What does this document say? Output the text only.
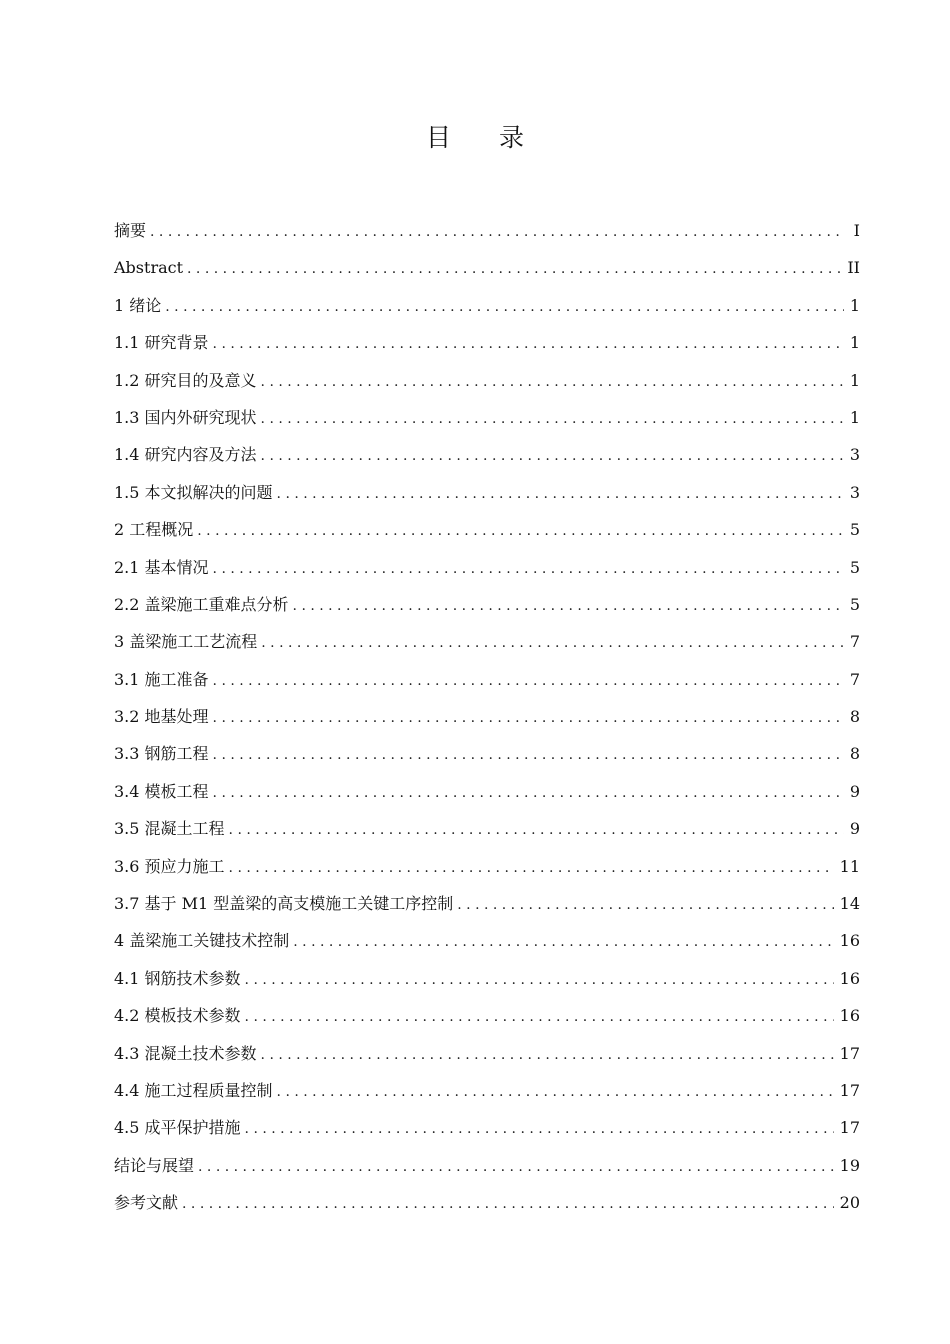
目 录
摘要 . . .	Ⅰ
Abstract . . .	ⅠⅠ
1 绪论 . . .	1
1.1 研究背景 . . .	1
1.2 研究目的及意义 . . .	1
1.3 国内外研究现状 . . .	1
1.4 研究内容及方法 . . .	3
1.5 本文拟解决的问题 . . .	3
2 工程概况 . . .	5
2.1 基本情况 . . .	5
2.2 盖梁施工重难点分析 . . .	5
3 盖梁施工工艺流程 . . .	7
3.1 施工准备 . . .	7
3.2 地基处理 . . .	8
3.3 钢筋工程 . . .	8
3.4 模板工程 . . .	9
3.5 混凝土工程 . . .	9
3.6 预应力施工 . . .	11
3.7 基于 M1 型盖梁的高支模施工关键工序控制 . . .	14
4 盖梁施工关键技术控制 . . .	16
4.1 钢筋技术参数 . . .	16
4.2 模板技术参数 . . .	16
4.3 混凝土技术参数 . . .	17
4.4 施工过程质量控制 . . .	17
4.5 成平保护措施 . . .	17
结论与展望 . . .	19
参考文献 . . .	20
